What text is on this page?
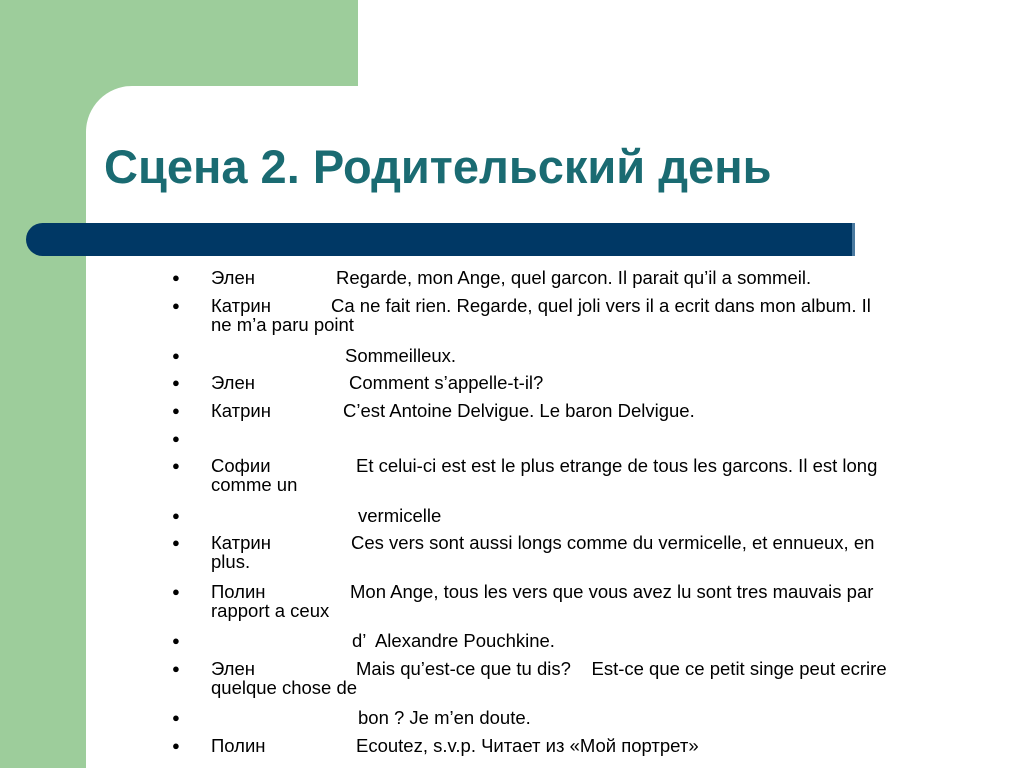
Сцена 2. Родительский день
● Элен	Regarde, mon Ange, quel garcon. Il parait qu’il a sommeil.
● Катрин	Ca ne fait rien. Regarde, quel joli vers il a ecrit dans mon album. Il
ne m’a paru point
●	Sommeilleux.
● Элен	Comment s’appelle-t-il?
● Катрин	C’est Antoine Delvigue. Le baron Delvigue.
●
● Софии	Et celui-ci est est le plus etrange de tous les garcons. Il est long
comme un
●	vermicelle
● Катрин	Ces vers sont aussi longs comme du vermicelle, et ennueux, en
plus.
● Полин	Mon Ange, tous les vers que vous avez lu sont tres mauvais par
rapport a ceux
●	d’  Alexandre Pouchkine.
● Элен	Mais qu’est-ce que tu dis?    Est-ce que ce petit singe peut ecrire
quelque chose de
●	bon ? Je m’en doute.
● Полин	Ecoutez, s.v.p. Читает из «Мой портрет»
